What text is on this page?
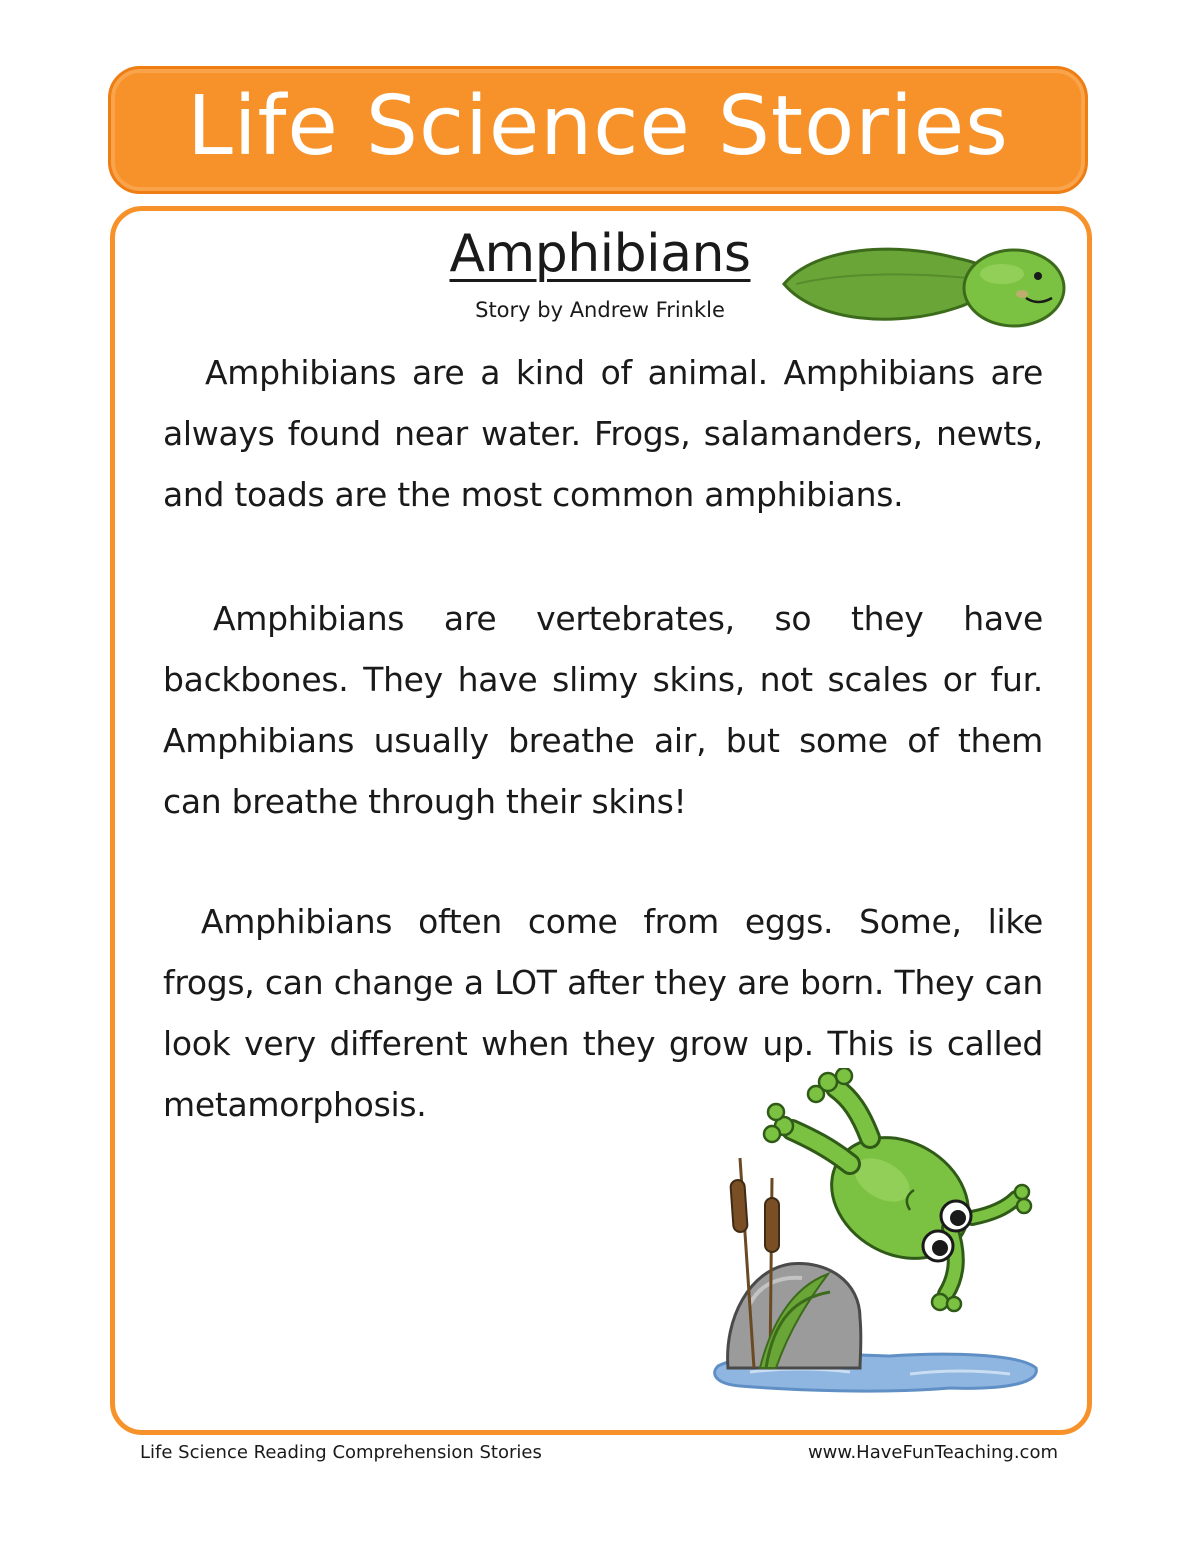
Life Science Stories
Amphibians
Story by Andrew Frinkle

Amphibians are a kind of animal. Amphibians are always found near water. Frogs, salamanders, newts, and toads are the most common amphibians.

Amphibians are vertebrates, so they have backbones. They have slimy skins, not scales or fur. Amphibians usually breathe air, but some of them can breathe through their skins!

Amphibians often come from eggs. Some, like frogs, can change a LOT after they are born. They can look very different when they grow up. This is called metamorphosis.

Life Science Reading Comprehension Stories	www.HaveFunTeaching.com
